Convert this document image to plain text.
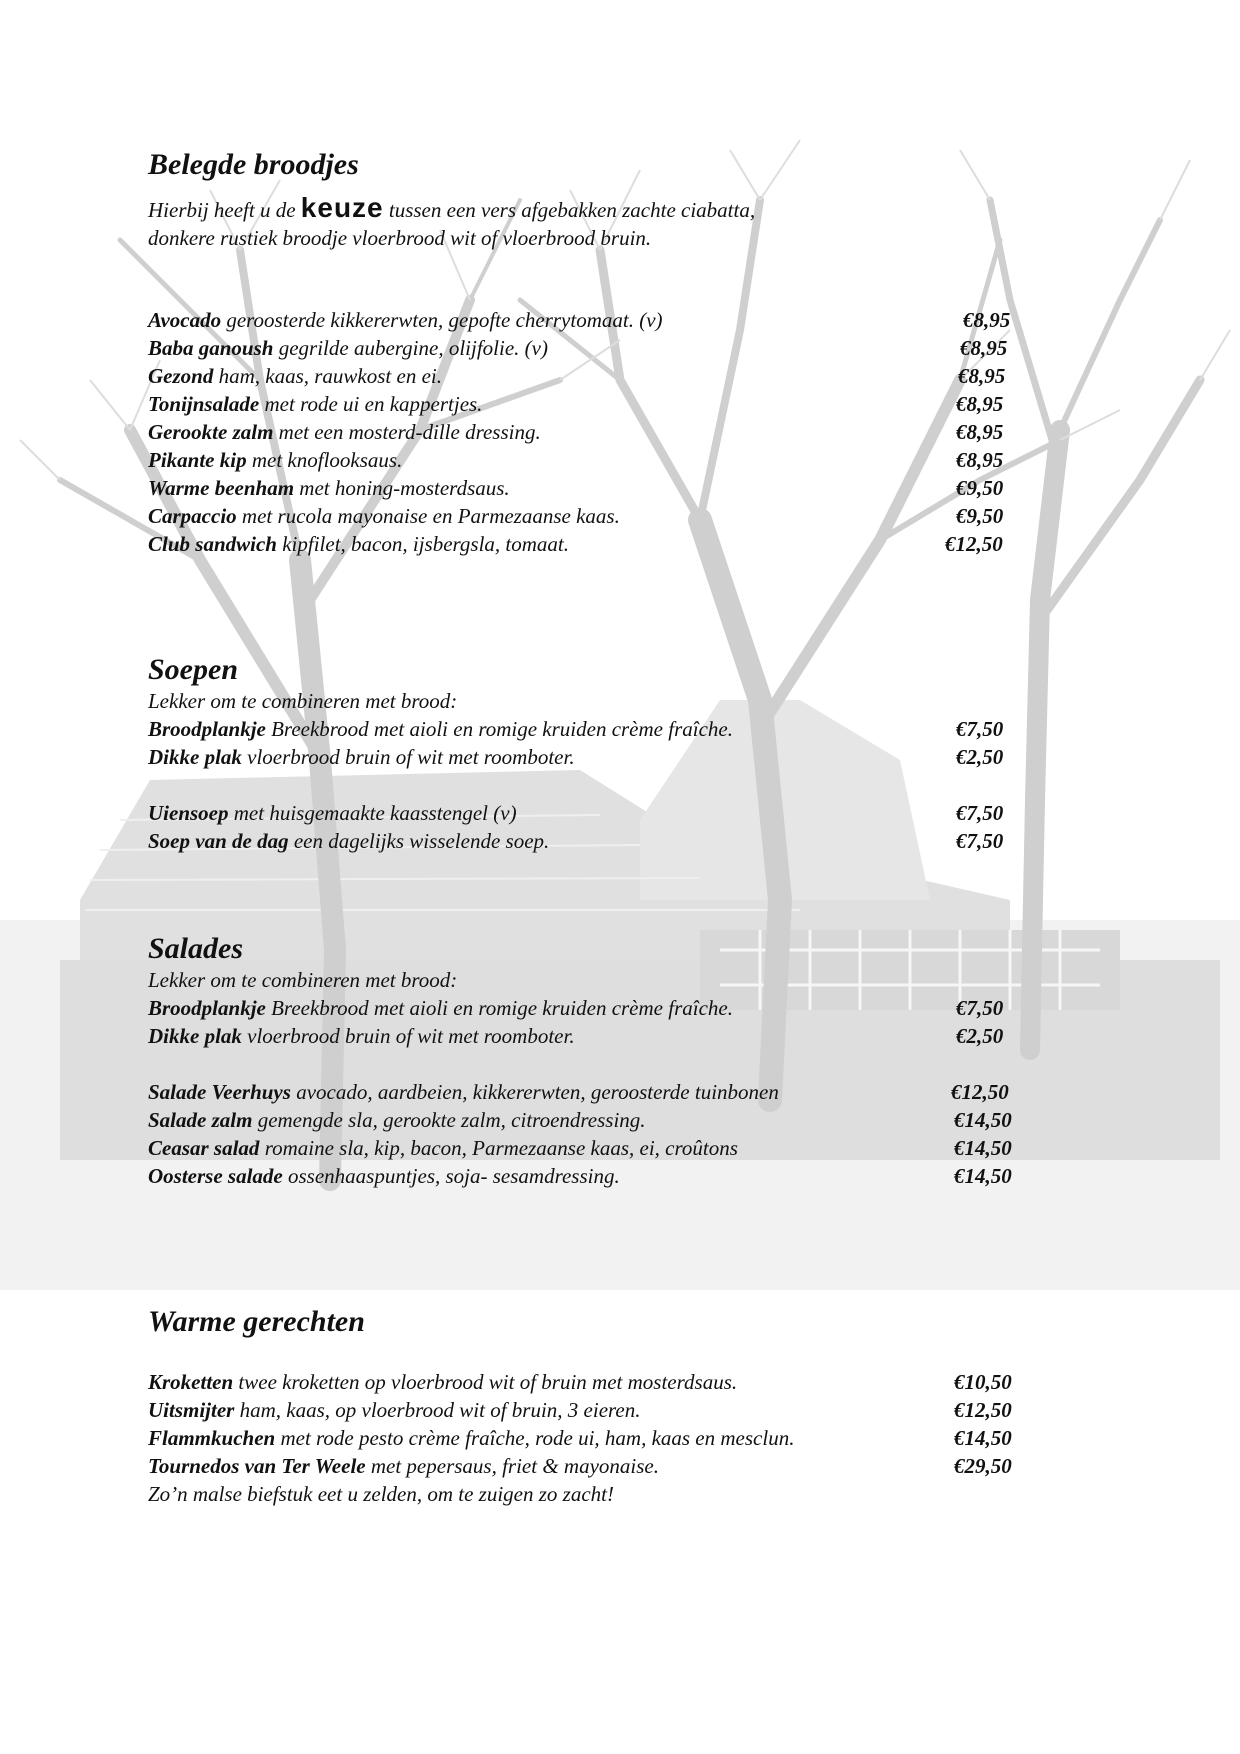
Belegde broodjes

Hierbij heeft u de keuze tussen een vers afgebakken zachte ciabatta,

donkere rustiek broodje vloerbrood wit of vloerbrood bruin.

Avocado geroosterde kikkererwten, gepofte cherrytomaat. (v)	€8,95
Baba ganoush gegrilde aubergine, olijfolie. (v)	€8,95
Gezond ham, kaas, rauwkost en ei.	€8,95
Tonijnsalade met rode ui en kappertjes.	€8,95
Gerookte zalm met een mosterd-dille dressing.	€8,95
Pikante kip met knoflooksaus.	€8,95
Warme beenham met honing-mosterdsaus.	€9,50
Carpaccio met rucola mayonaise en Parmezaanse kaas.	€9,50
Club sandwich kipfilet, bacon, ijsbergsla, tomaat.	€12,50
Soepen

Lekker om te combineren met brood:

Broodplankje Breekbrood met aioli en romige kruiden crème fraîche.	€7,50
Dikke plak vloerbrood bruin of wit met roomboter.	€2,50
Uiensoep met huisgemaakte kaasstengel (v)	€7,50
Soep van de dag een dagelijks wisselende soep.	€7,50
Salades

Lekker om te combineren met brood:

Broodplankje Breekbrood met aioli en romige kruiden crème fraîche.	€7,50
Dikke plak vloerbrood bruin of wit met roomboter.	€2,50
Salade Veerhuys avocado, aardbeien, kikkererwten, geroosterde tuinbonen	€12,50
Salade zalm gemengde sla, gerookte zalm, citroendressing.	€14,50
Ceasar salad romaine sla, kip, bacon, Parmezaanse kaas, ei, croûtons	€14,50
Oosterse salade ossenhaaspuntjes, soja- sesamdressing.	€14,50
Warme gerechten
Kroketten twee kroketten op vloerbrood wit of bruin met mosterdsaus.	€10,50
Uitsmijter ham, kaas, op vloerbrood wit of bruin, 3 eieren.	€12,50
Flammkuchen met rode pesto crème fraîche, rode ui, ham, kaas en mesclun.	€14,50
Tournedos van Ter Weele met pepersaus, friet & mayonaise.	€29,50

Zo’n malse biefstuk eet u zelden, om te zuigen zo zacht!
